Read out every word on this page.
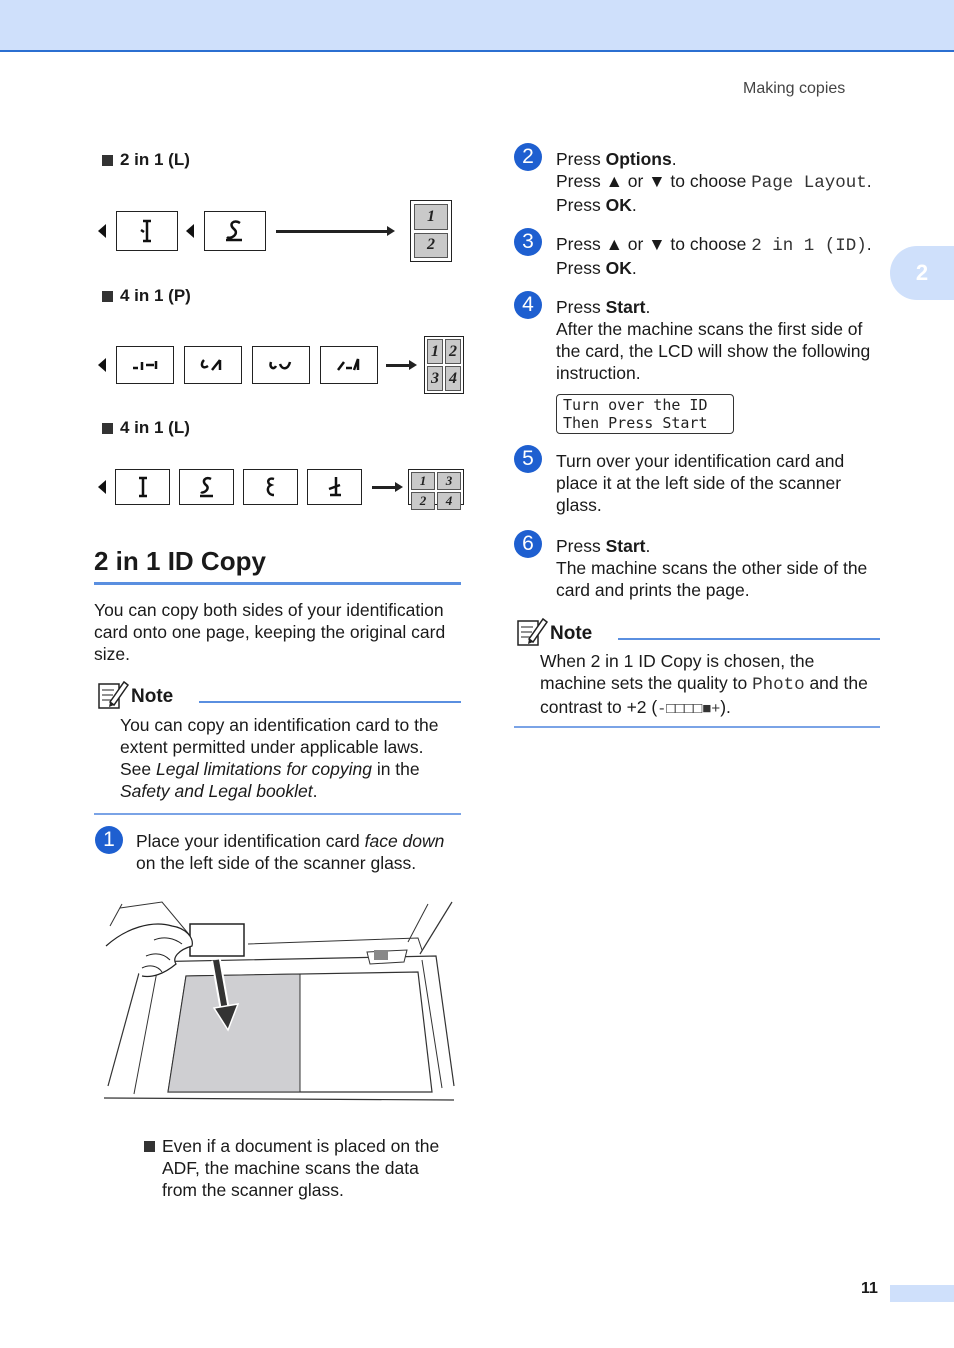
Making copies
2
2 in 1 (L)
1
2
4 in 1 (P)
1 2
3 4
4 in 1 (L)
1	3
2	4
2 in 1 ID Copy
You can copy both sides of your identification card onto one page, keeping the original card size.
Note
You can copy an identification card to the
extent permitted under applicable laws.
See Legal limitations for copying in the
Safety and Legal booklet.
1	Place your identification card face down
on the left side of the scanner glass.
Even if a document is placed on the
ADF, the machine scans the data
from the scanner glass.
2	Press Options.
Press ▲ or ▼ to choose Page Layout.
Press OK.
3	Press ▲ or ▼ to choose 2 in 1 (ID).
Press OK.
4	Press Start.
After the machine scans the first side of
the card, the LCD will show the following
instruction.
Turn over the ID
Then Press Start
5	Turn over your identification card and
place it at the left side of the scanner
glass.
6	Press Start.
The machine scans the other side of the
card and prints the page.
Note
When 2 in 1 ID Copy is chosen, the
machine sets the quality to Photo and the
contrast to +2 (-□□□□■+).
11
